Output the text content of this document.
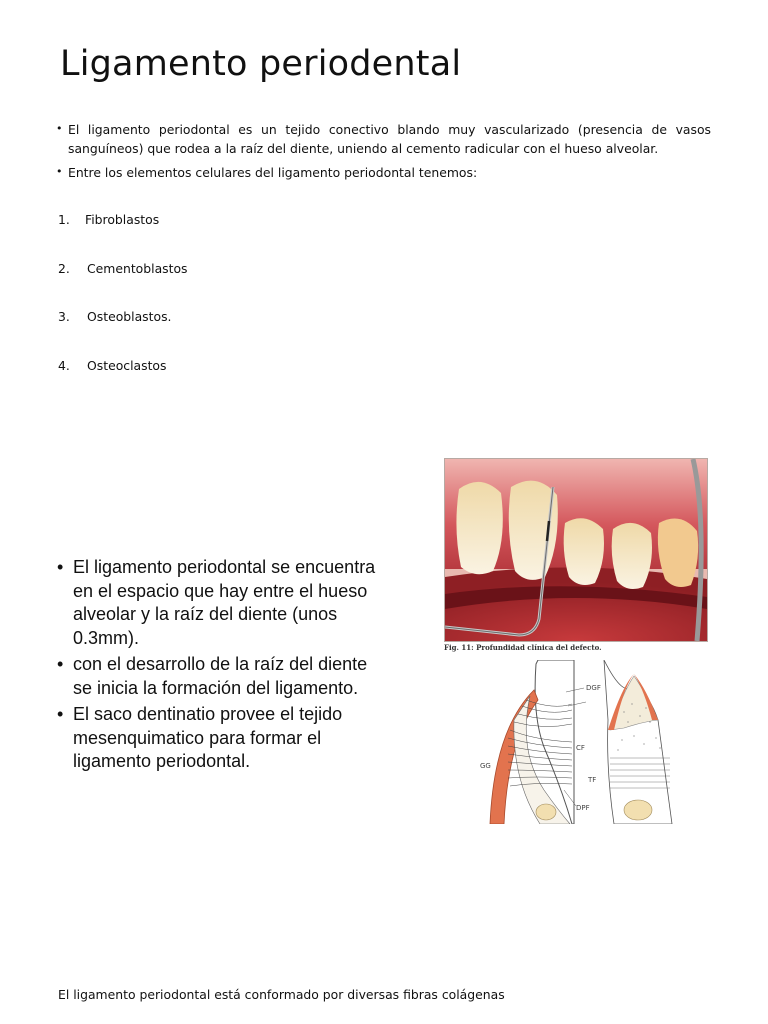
Ligamento periodental
• El ligamento periodontal es un tejido conectivo blando muy vascularizado (presencia de vasos sanguíneos) que rodea a la raíz del diente, uniendo al cemento radicular con el hueso alveolar.
• Entre los elementos celulares del ligamento periodontal tenemos:
1.	Fibroblastos
2.	Cementoblastos
3.	Osteoblastos.
4.	Osteoclastos
• El ligamento periodontal se encuentra en el espacio que hay entre el hueso alveolar y la raíz del diente (unos 0.3mm).
• con el desarrollo de la raíz del diente se inicia la formación del ligamento.
• El saco dentinatio provee el tejido mesenquimatico para formar el ligamento periodontal.
Fig. 11: Profundidad clínica del defecto.
DGF
CF
GG
DPF
TF
El ligamento periodontal está conformado por diversas fibras colágenas
